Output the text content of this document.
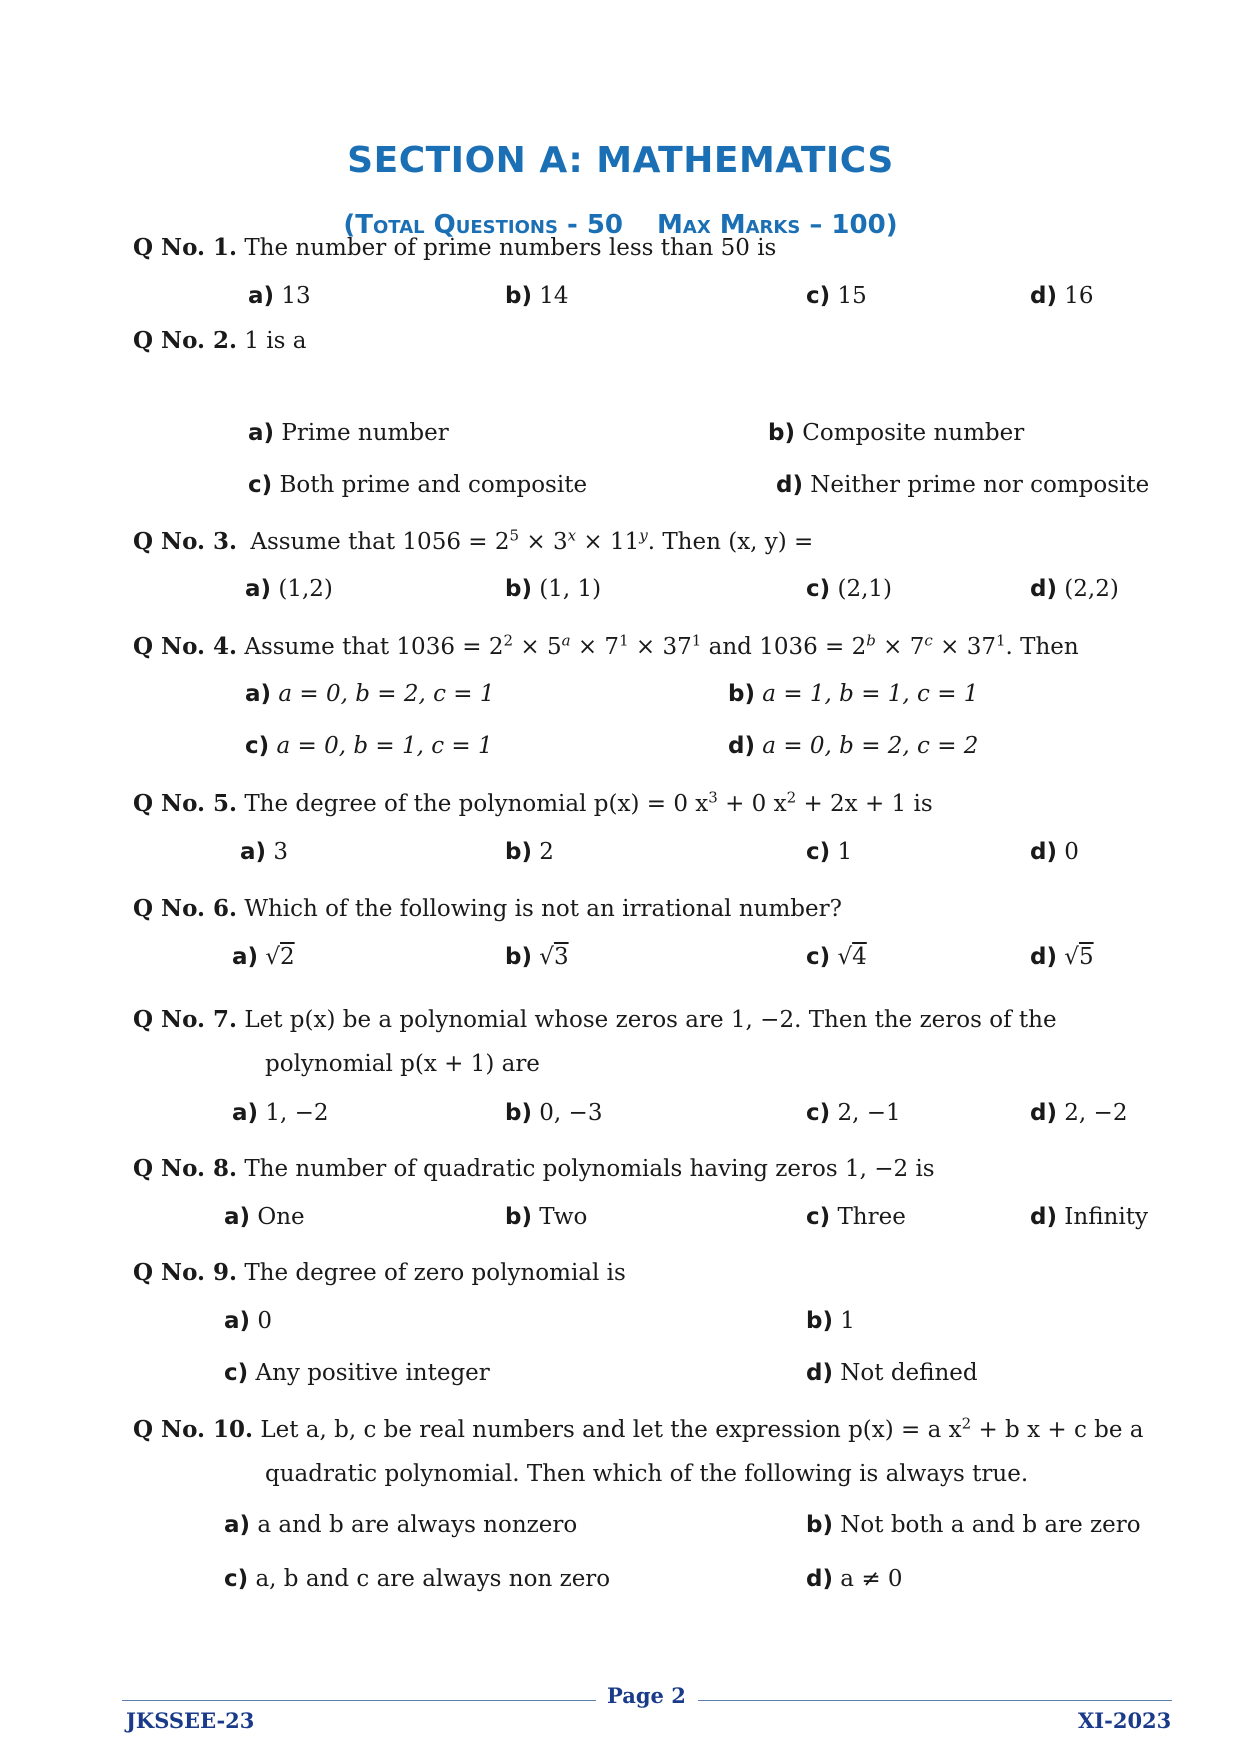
SECTION A: MATHEMATICS
(Total Questions - 50 Max Marks – 100)
Q No. 1. The number of prime numbers less than 50 is
a) 13	b) 14	c) 15	d) 16
Q No. 2. 1 is a
a) Prime number	b) Composite number
c) Both prime and composite	d) Neither prime nor composite
Q No. 3. Assume that $1056 = 2^5 \times 3^x \times 11^y$. Then (x, y) =
a) (1,2)	b) (1, 1)	c) (2,1)	d) (2,2)
Q No. 4. Assume that $1036 = 2^2 \times 5^a \times 7^1 \times 37^1$ and $1036 = 2^b \times 7^c \times 37^1$. Then
a) a = 0, b = 2, c = 1	b) a = 1, b = 1, c = 1
c) a = 0, b = 1, c = 1	d) a = 0, b = 2, c = 2
Q No. 5. The degree of the polynomial p(x) = 0 $x^3 + 0$ $x^2 + 2x + 1$ is
a) 3	b) 2	c) 1	d) 0
Q No. 6. Which of the following is not an irrational number?
a) √2	b) √3	c) √4	d) √5
Q No. 7. Let p(x) be a polynomial whose zeros are 1, −2. Then the zeros of the
polynomial p(x + 1) are
a) 1, −2	b) 0, −3	c) 2, −1	d) 2, −2
Q No. 8. The number of quadratic polynomials having zeros 1, −2 is
a) One	b) Two	c) Three	d) Infinity
Q No. 9. The degree of zero polynomial is
a) 0	b) 1
c) Any positive integer	d) Not defined
Q No. 10. Let a, b, c be real numbers and let the expression p(x) = a $x^2 + b$ x + c be a
quadratic polynomial. Then which of the following is always true.
a) a and b are always nonzero	b) Not both a and b are zero
c) a, b and c are always non zero	d) a ≠ 0
Page 2
JKSSEE-23	XI-2023
